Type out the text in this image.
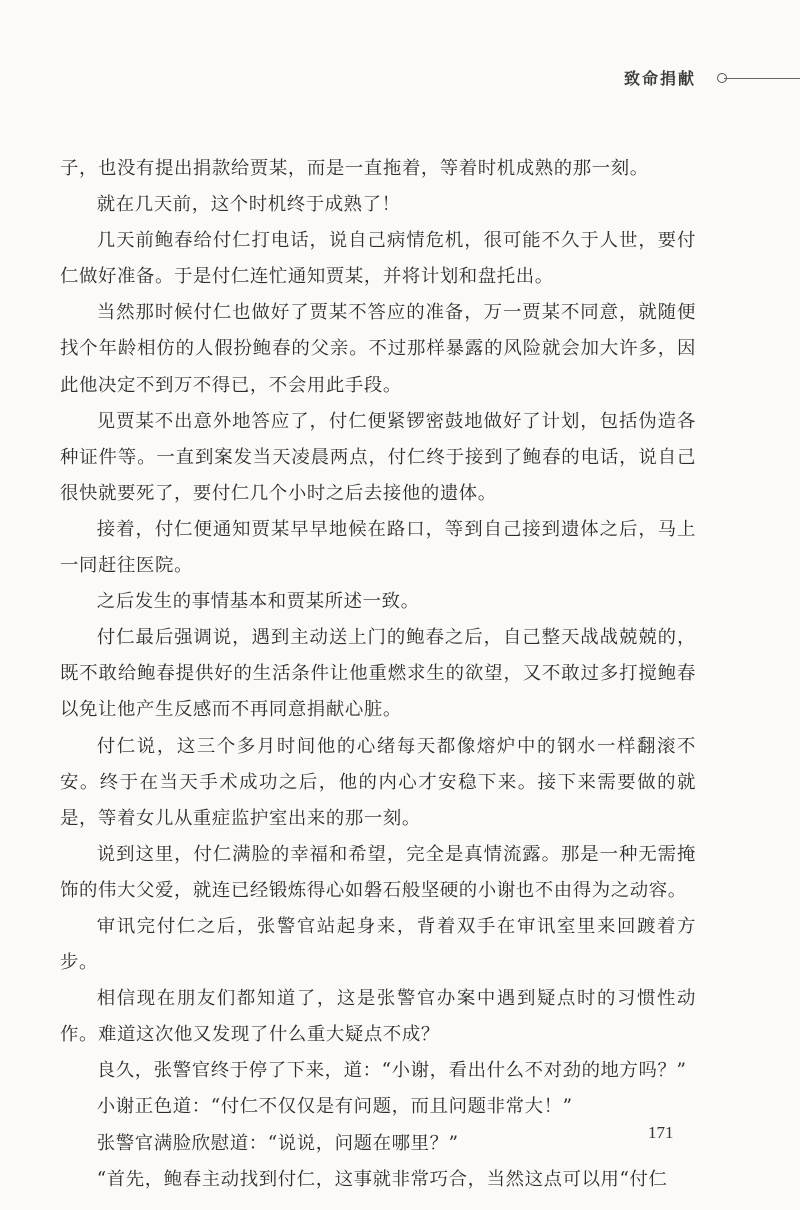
致命捐献

子，也没有提出捐款给贾某，而是一直拖着，等着时机成熟的那一刻。

就在几天前，这个时机终于成熟了！

几天前鲍春给付仁打电话，说自己病情危机，很可能不久于人世，要付仁做好准备。于是付仁连忙通知贾某，并将计划和盘托出。

当然那时候付仁也做好了贾某不答应的准备，万一贾某不同意，就随便找个年龄相仿的人假扮鲍春的父亲。不过那样暴露的风险就会加大许多，因此他决定不到万不得已，不会用此手段。

见贾某不出意外地答应了，付仁便紧锣密鼓地做好了计划，包括伪造各种证件等。一直到案发当天凌晨两点，付仁终于接到了鲍春的电话，说自己很快就要死了，要付仁几个小时之后去接他的遗体。

接着，付仁便通知贾某早早地候在路口，等到自己接到遗体之后，马上一同赶往医院。

之后发生的事情基本和贾某所述一致。

付仁最后强调说，遇到主动送上门的鲍春之后，自己整天战战兢兢的，既不敢给鲍春提供好的生活条件让他重燃求生的欲望，又不敢过多打搅鲍春以免让他产生反感而不再同意捐献心脏。

付仁说，这三个多月时间他的心绪每天都像熔炉中的钢水一样翻滚不安。终于在当天手术成功之后，他的内心才安稳下来。接下来需要做的就是，等着女儿从重症监护室出来的那一刻。

说到这里，付仁满脸的幸福和希望，完全是真情流露。那是一种无需掩饰的伟大父爱，就连已经锻炼得心如磐石般坚硬的小谢也不由得为之动容。

审讯完付仁之后，张警官站起身来，背着双手在审讯室里来回踱着方步。

相信现在朋友们都知道了，这是张警官办案中遇到疑点时的习惯性动作。难道这次他又发现了什么重大疑点不成？

良久，张警官终于停了下来，道：“小谢，看出什么不对劲的地方吗？”

小谢正色道：“付仁不仅仅是有问题，而且问题非常大！”

张警官满脸欣慰道：“说说，问题在哪里？”

“首先，鲍春主动找到付仁，这事就非常巧合，当然这点可以用“付仁

171
